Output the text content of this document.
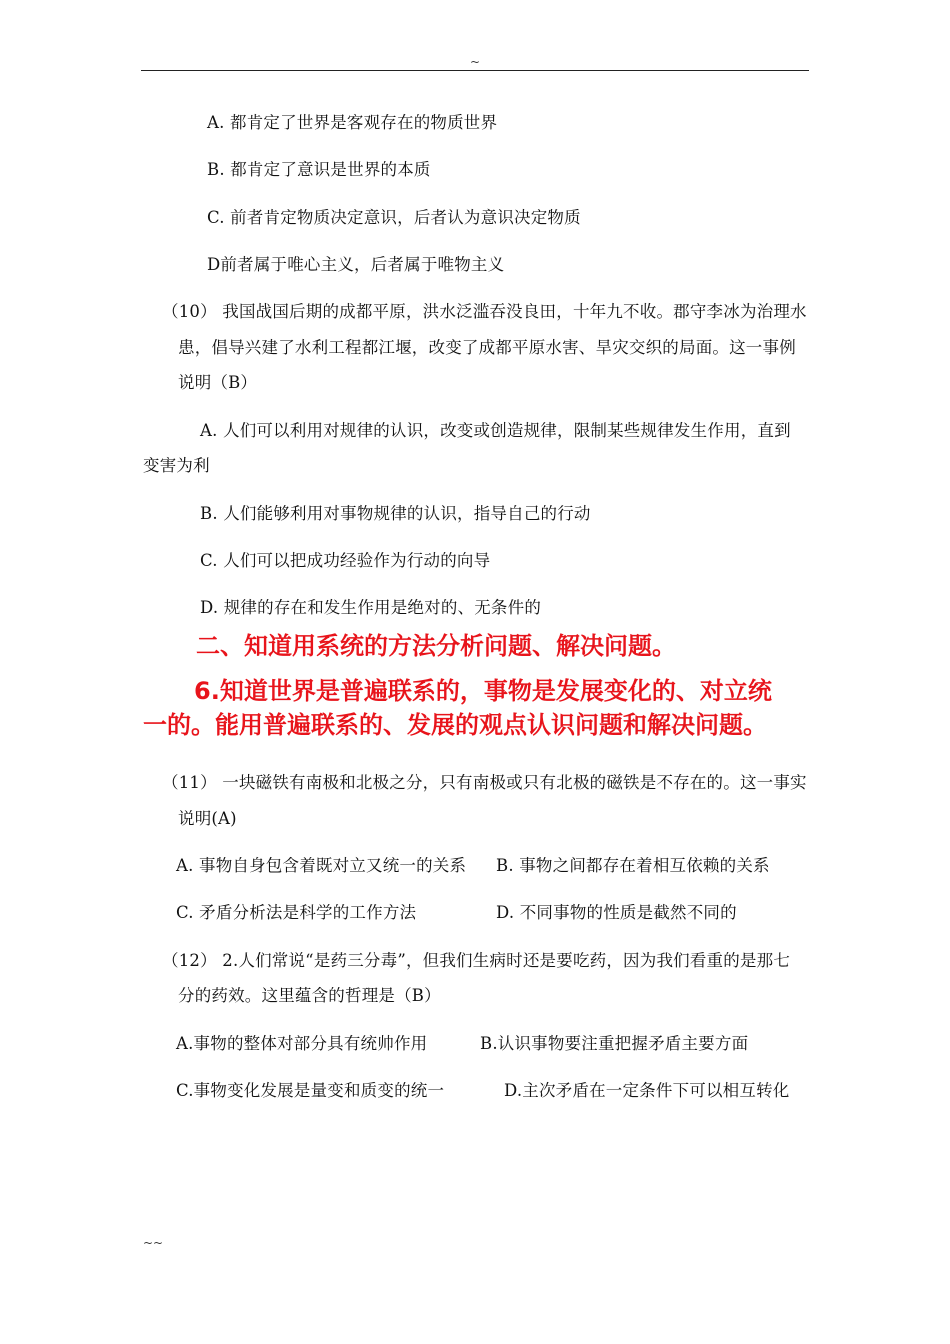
~
A. 都肯定了世界是客观存在的物质世界
B. 都肯定了意识是世界的本质
C. 前者肯定物质决定意识，后者认为意识决定物质
D前者属于唯心主义，后者属于唯物主义
（10） 我国战国后期的成都平原，洪水泛滥吞没良田，十年九不收。郡守李冰为治理水
患，倡导兴建了水利工程都江堰，改变了成都平原水害、旱灾交织的局面。这一事例
说明（B）
A. 人们可以利用对规律的认识，改变或创造规律，限制某些规律发生作用，直到
变害为利
B. 人们能够利用对事物规律的认识，指导自己的行动
C. 人们可以把成功经验作为行动的向导
D. 规律的存在和发生作用是绝对的、无条件的
二、知道用系统的方法分析问题、解决问题。
6.知道世界是普遍联系的，事物是发展变化的、对立统
一的。能用普遍联系的、发展的观点认识问题和解决问题。
（11） 一块磁铁有南极和北极之分，只有南极或只有北极的磁铁是不存在的。这一事实
说明(A)
A. 事物自身包含着既对立又统一的关系 B. 事物之间都存在着相互依赖的关系
C. 矛盾分析法是科学的工作方法	D. 不同事物的性质是截然不同的
（12） 2.人们常说“是药三分毒”，但我们生病时还是要吃药，因为我们看重的是那七
分的药效。这里蕴含的哲理是（B）
A.事物的整体对部分具有统帅作用	B.认识事物要注重把握矛盾主要方面
C.事物变化发展是量变和质变的统一	D.主次矛盾在一定条件下可以相互转化
~~
